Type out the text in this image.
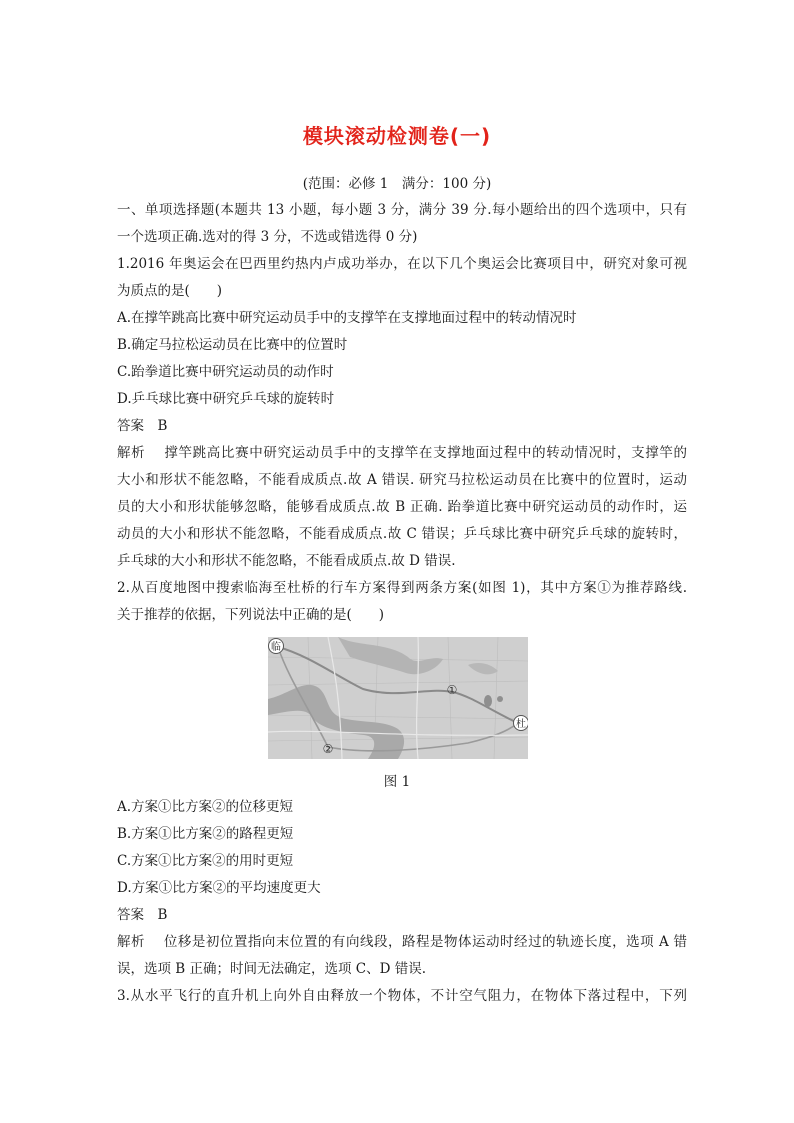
模块滚动检测卷(一)
(范围：必修 1　满分：100 分)
一、单项选择题(本题共 13 小题，每小题 3 分，满分 39 分.每小题给出的四个选项中，只有
一个选项正确.选对的得 3 分，不选或错选得 0 分)
1.2016 年奥运会在巴西里约热内卢成功举办，在以下几个奥运会比赛项目中，研究对象可视
为质点的是(　　)
A.在撑竿跳高比赛中研究运动员手中的支撑竿在支撑地面过程中的转动情况时
B.确定马拉松运动员在比赛中的位置时
C.跆拳道比赛中研究运动员的动作时
D.乒乓球比赛中研究乒乓球的旋转时
答案　B
解析　 撑竿跳高比赛中研究运动员手中的支撑竿在支撑地面过程中的转动情况时，支撑竿的
大小和形状不能忽略，不能看成质点.故 A 错误. 研究马拉松运动员在比赛中的位置时，运动
员的大小和形状能够忽略，能够看成质点.故 B 正确. 跆拳道比赛中研究运动员的动作时，运
动员的大小和形状不能忽略，不能看成质点.故 C 错误；乒乓球比赛中研究乒乓球的旋转时，
乒乓球的大小和形状不能忽略，不能看成质点.故 D 错误.
2.从百度地图中搜索临海至杜桥的行车方案得到两条方案(如图 1)，其中方案①为推荐路线.
关于推荐的依据，下列说法中正确的是(　　)
临
杜
①
②
图 1
A.方案①比方案②的位移更短
B.方案①比方案②的路程更短
C.方案①比方案②的用时更短
D.方案①比方案②的平均速度更大
答案　B
解析　 位移是初位置指向末位置的有向线段，路程是物体运动时经过的轨迹长度，选项 A 错
误，选项 B 正确；时间无法确定，选项 C、D 错误.
3.从水平飞行的直升机上向外自由释放一个物体，不计空气阻力，在物体下落过程中，下列
